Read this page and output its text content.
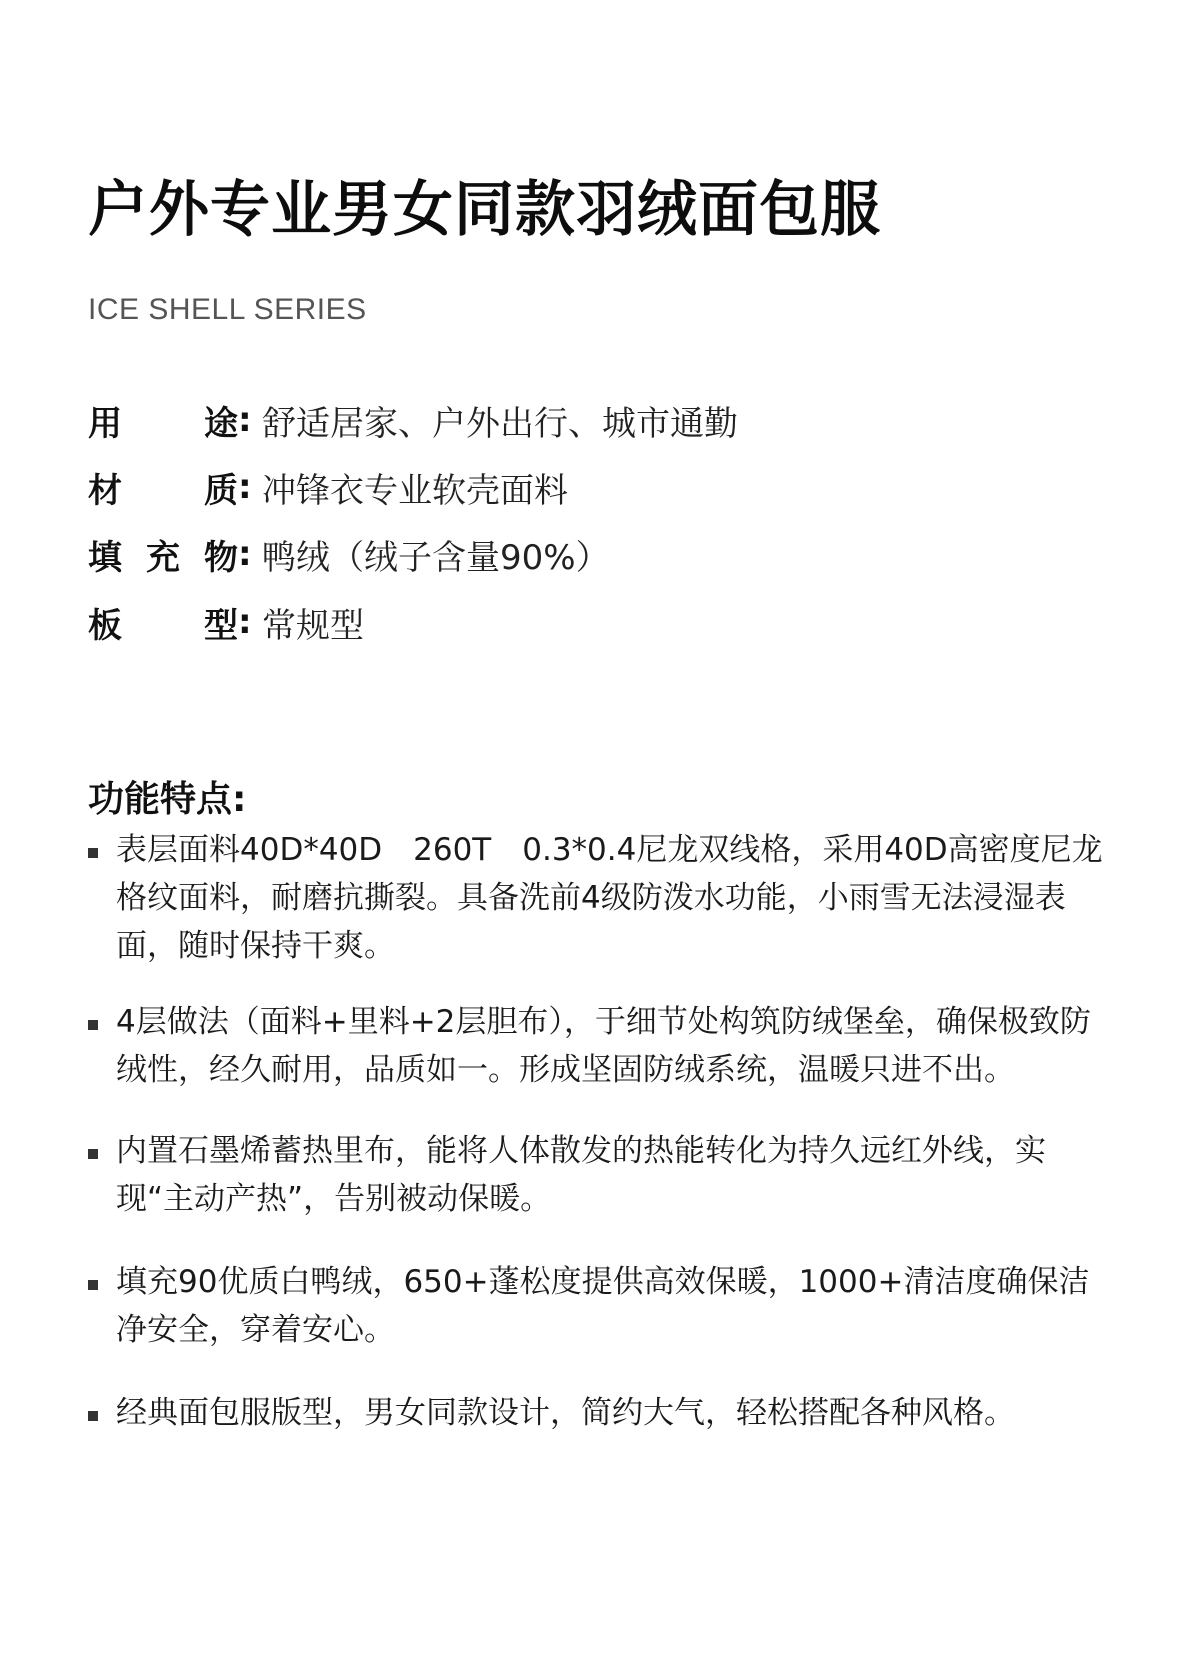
户外专业男女同款羽绒面包服
ICE SHELL SERIES
用 途 : 舒适居家、户外出行、城市通勤
材 质 : 冲锋衣专业软壳面料
填 充 物 : 鸭绒（绒子含量90%）
板 型 : 常规型
功能特点:
表层面料40D*40D　260T　0.3*0.4尼龙双线格，采用40D高密度尼龙格纹面料，耐磨抗撕裂。具备洗前4级防泼水功能，小雨雪无法浸湿表面，随时保持干爽。
4层做法（面料+里料+2层胆布），于细节处构筑防绒堡垒，确保极致防绒性，经久耐用，品质如一。形成坚固防绒系统，温暖只进不出。
内置石墨烯蓄热里布，能将人体散发的热能转化为持久远红外线，实现“主动产热”，告别被动保暖。
填充90优质白鸭绒，650+蓬松度提供高效保暖，1000+清洁度确保洁净安全，穿着安心。
经典面包服版型，男女同款设计，简约大气，轻松搭配各种风格。
